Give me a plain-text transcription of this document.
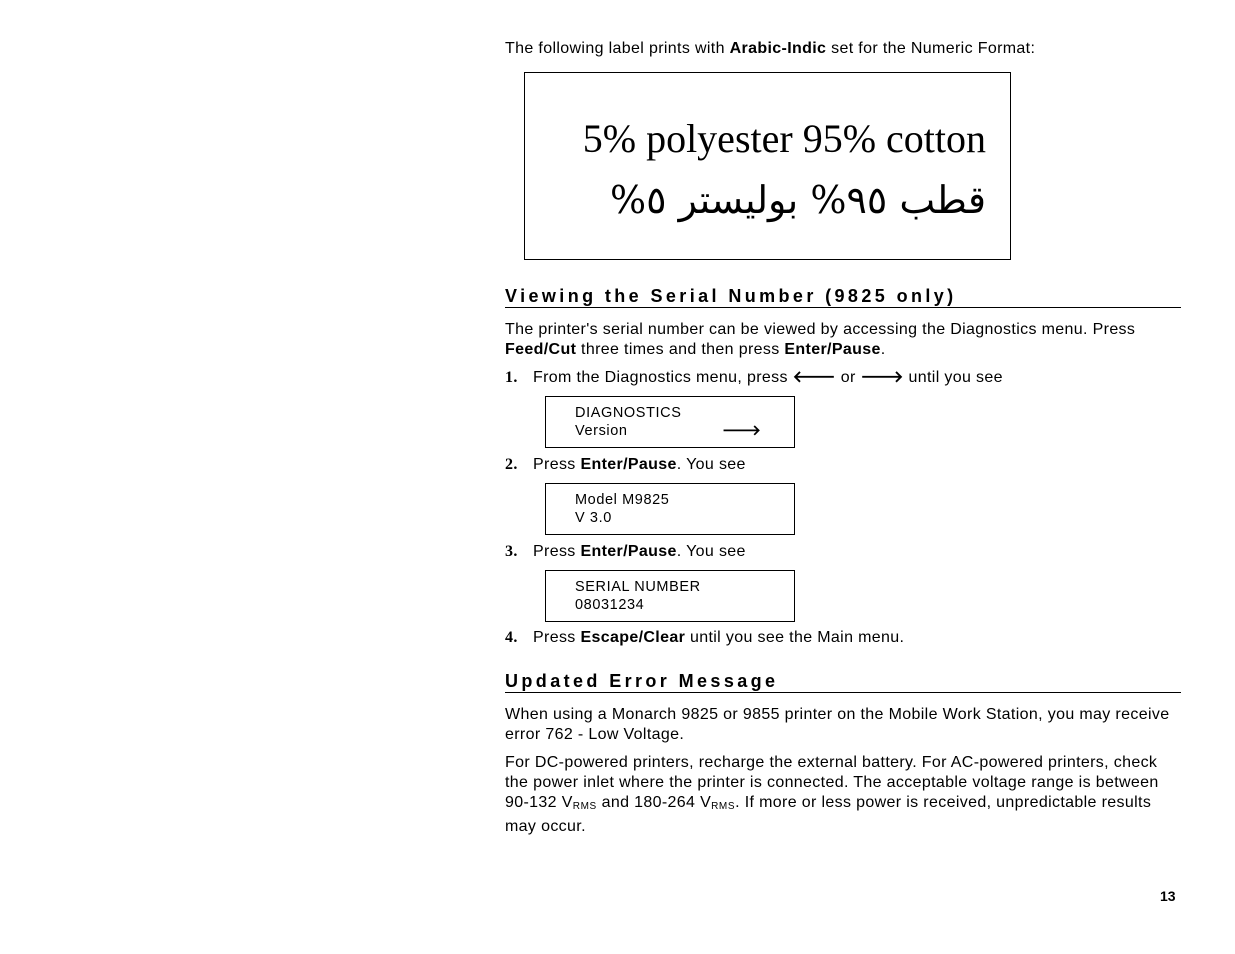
The following label prints with Arabic-Indic set for the Numeric Format:

5% polyester 95% cotton
قطب ٩٥% بوليستر ٥%
Viewing the Serial Number (9825 only)

The printer's serial number can be viewed by accessing the Diagnostics menu. Press Feed/Cut three times and then press Enter/Pause.

1. From the Diagnostics menu, press 🡐 or 🡒 until you see
DIAGNOSTICS
Version	🡒
2. Press Enter/Pause. You see
Model M9825
V 3.0
3. Press Enter/Pause. You see
SERIAL NUMBER
08031234
4. Press Escape/Clear until you see the Main menu.
Updated Error Message

When using a Monarch 9825 or 9855 printer on the Mobile Work Station, you may receive error 762 - Low Voltage.

For DC-powered printers, recharge the external battery. For AC-powered printers, check the power inlet where the printer is connected. The acceptable voltage range is between 90-132 $V_{RMS}$ and 180-264 $V_{RMS}$. If more or less power is received, unpredictable results may occur.

13
